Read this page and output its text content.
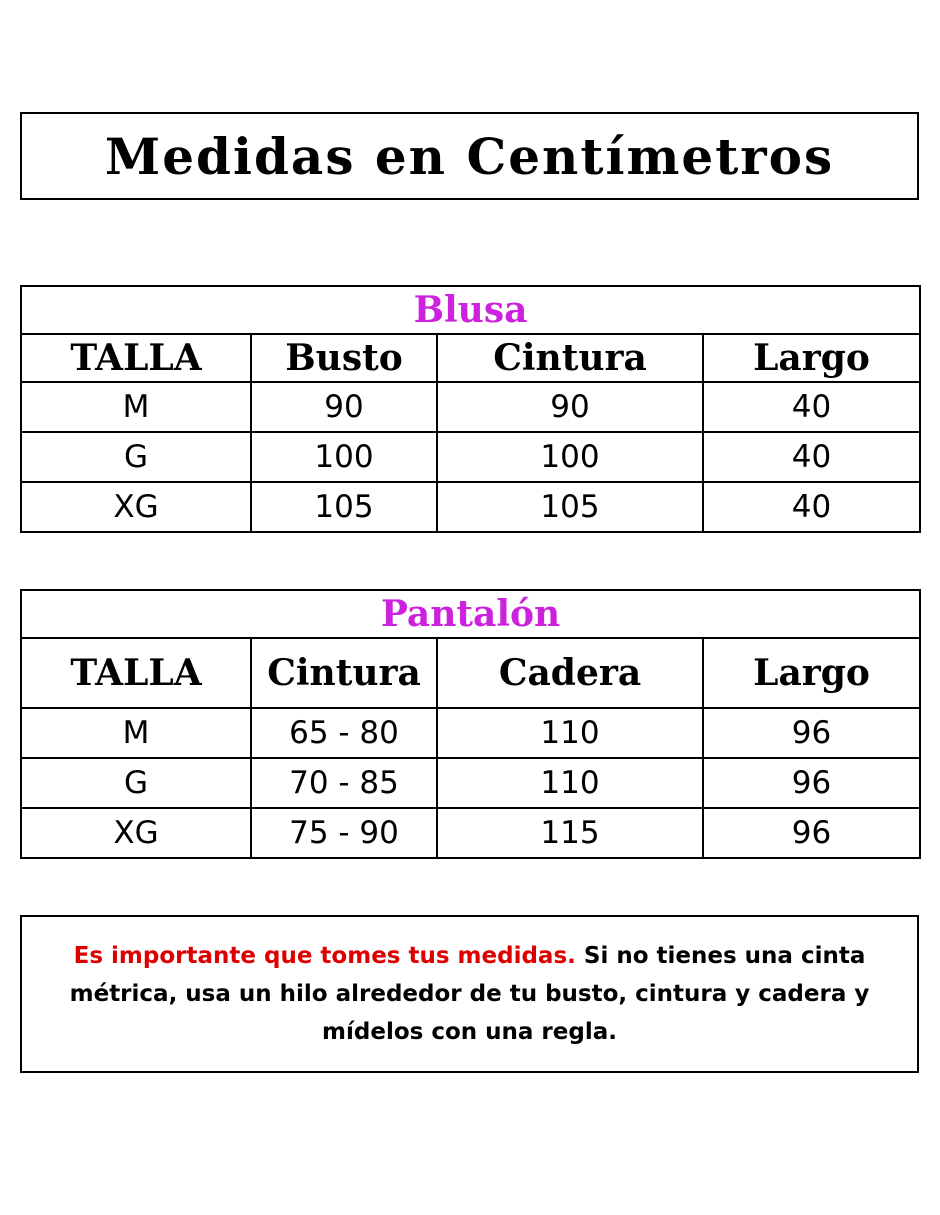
Medidas en Centímetros
Blusa			
TALLA	Busto	Cintura	Largo
M	90	90	40
G	100	100	40
XG	105	105	40
Pantalón			
TALLA	Cintura	Cadera	Largo
M	65 - 80	110	96
G	70 - 85	110	96
XG	75 - 90	115	96

Es importante que tomes tus medidas. Si no tienes una cinta métrica, usa un hilo alrededor de tu busto, cintura y cadera y mídelos con una regla.
